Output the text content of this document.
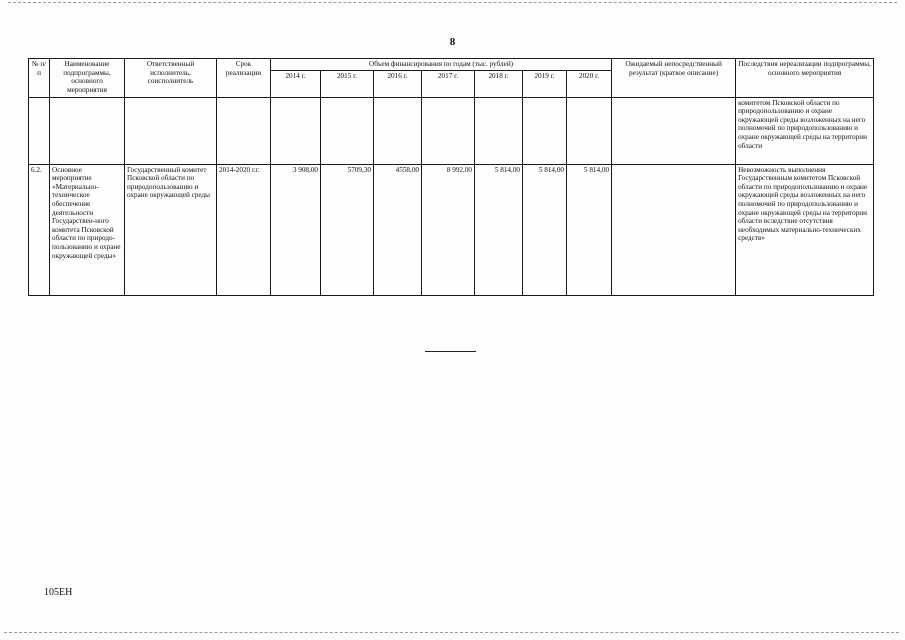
8
№ п/п	Наименование подпрограммы, основного мероприятия	Ответственный исполнитель, соисполнитель	Срок реализации	Объем финансирования по годам (тыс. рублей)							Ожидаемый непосредственный результат (краткое описание)	Последствия нереализации подпрограммы, основного мероприятия
				2014 г.	2015 г.	2016 г.	2017 г.	2018 г.	2019 г.	2020 г.		
												комитетом Псковской области по природопользованию и охране окружающей среды возложенных на него полномочий по природопользованию и охране окружающей среды на территории области
6.2.	Основное мероприятие «Материально-техническое обеспечение деятельности Государствен-ного комитета Псковской области по природо-пользованию и охране окружающей среды»	Государственный комитет Псковской области по природопользованию и охране окружающей среды	2014-2020 г.г.	3 908,00	5709,30	4558,00	8 992,00	5 814,00	5 814,00	5 814,00		Невозможность выполнения Государственным комитетом Псковской области по природопользованию и охране окружающей среды возложенных на него полномочий по природопользованию и охране окружающей среды на территории области вследствие отсутствия необходимых материально-технических средств»
105EH
